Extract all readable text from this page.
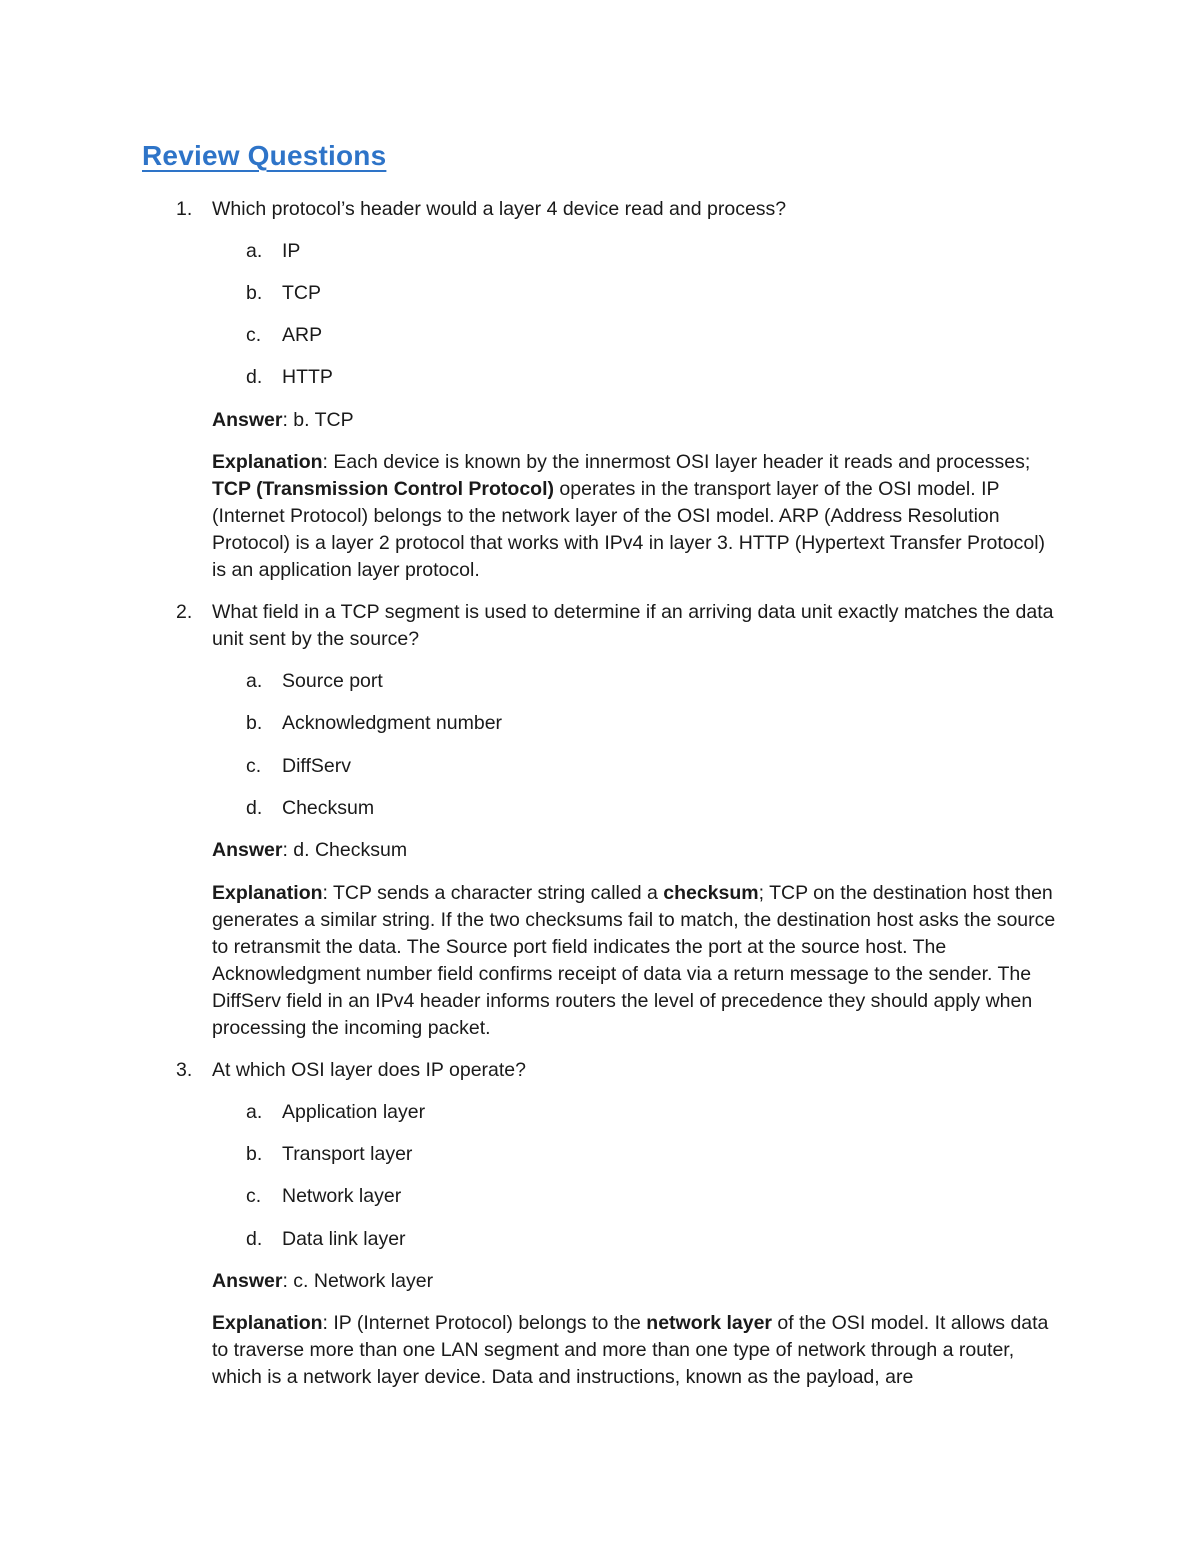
Review Questions
1. Which protocol’s header would a layer 4 device read and process?
a. IP
b. TCP
c. ARP
d. HTTP
Answer: b. TCP
Explanation: Each device is known by the innermost OSI layer header it reads and processes; TCP (Transmission Control Protocol) operates in the transport layer of the OSI model. IP (Internet Protocol) belongs to the network layer of the OSI model. ARP (Address Resolution Protocol) is a layer 2 protocol that works with IPv4 in layer 3. HTTP (Hypertext Transfer Protocol) is an application layer protocol.
2. What field in a TCP segment is used to determine if an arriving data unit exactly matches the data unit sent by the source?
a. Source port
b. Acknowledgment number
c. DiffServ
d. Checksum
Answer: d. Checksum
Explanation: TCP sends a character string called a checksum; TCP on the destination host then generates a similar string. If the two checksums fail to match, the destination host asks the source to retransmit the data. The Source port field indicates the port at the source host. The Acknowledgment number field confirms receipt of data via a return message to the sender. The DiffServ field in an IPv4 header informs routers the level of precedence they should apply when processing the incoming packet.
3. At which OSI layer does IP operate?
a. Application layer
b. Transport layer
c. Network layer
d. Data link layer
Answer: c. Network layer
Explanation: IP (Internet Protocol) belongs to the network layer of the OSI model. It allows data to traverse more than one LAN segment and more than one type of network through a router, which is a network layer device. Data and instructions, known as the payload, are
